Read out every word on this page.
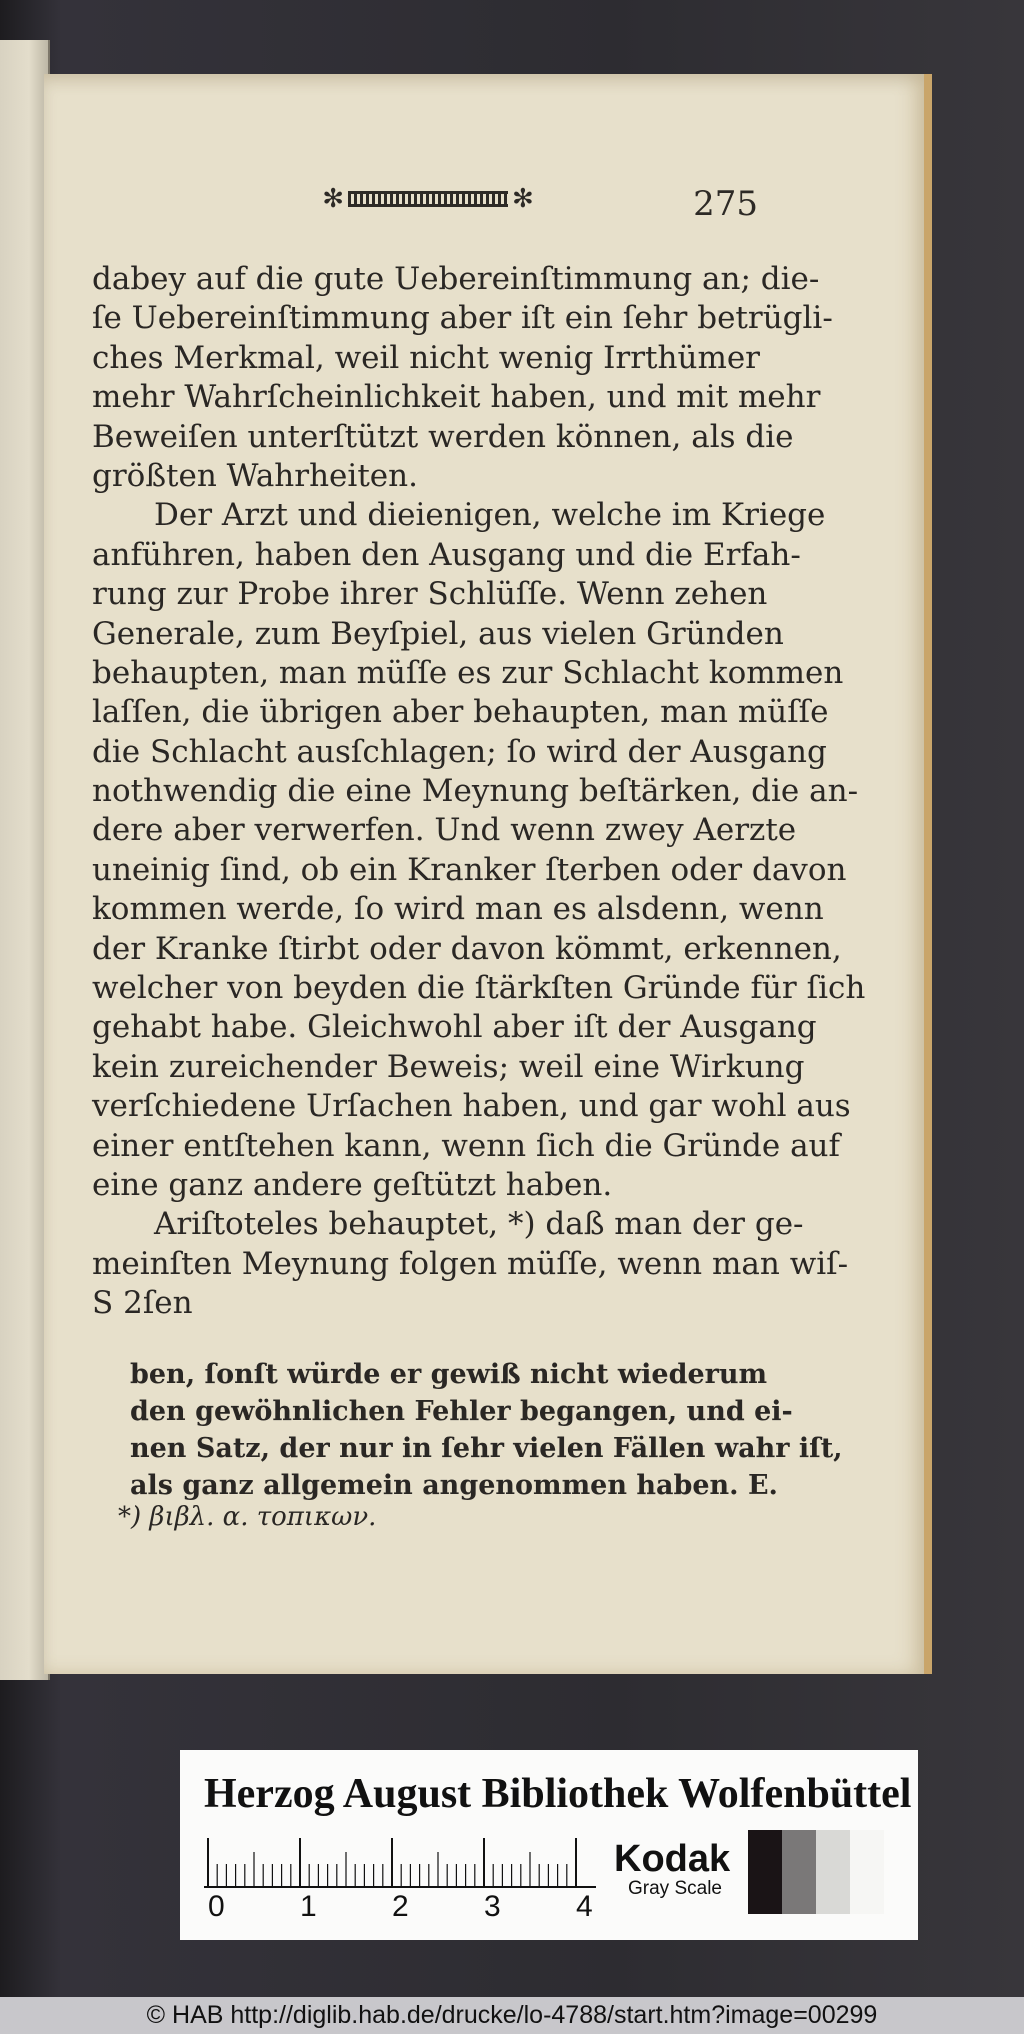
✻	✻	275
dabey auf die gute Uebereinſtimmung an; die-
ſe Uebereinſtimmung aber iſt ein ſehr betrügli-
ches Merkmal, weil nicht wenig Irrthümer
mehr Wahrſcheinlichkeit haben, und mit mehr
Beweiſen unterſtützt werden können, als die
größten Wahrheiten.
  Der Arzt und dieienigen, welche im Kriege
anführen, haben den Ausgang und die Erfah-
rung zur Probe ihrer Schlüſſe. Wenn zehen
Generale, zum Beyſpiel, aus vielen Gründen
behaupten, man müſſe es zur Schlacht kommen
laſſen, die übrigen aber behaupten, man müſſe
die Schlacht ausſchlagen; ſo wird der Ausgang
nothwendig die eine Meynung beſtärken, die an-
dere aber verwerfen. Und wenn zwey Aerzte
uneinig ſind, ob ein Kranker ſterben oder davon
kommen werde, ſo wird man es alsdenn, wenn
der Kranke ſtirbt oder davon kömmt, erkennen,
welcher von beyden die ſtärkſten Gründe für ſich
gehabt habe. Gleichwohl aber iſt der Ausgang
kein zureichender Beweis; weil eine Wirkung
verſchiedene Urſachen haben, und gar wohl aus
einer entſtehen kann, wenn ſich die Gründe auf
eine ganz andere geſtützt haben.
  Ariſtoteles behauptet, *) daß man der ge-
meinſten Meynung folgen müſſe, wenn man wiſ-
S 2ſen
ben, ſonſt würde er gewiß nicht wiederum
den gewöhnlichen Fehler begangen, und ei-
nen Satz, der nur in ſehr vielen Fällen wahr iſt,
als ganz allgemein angenommen haben. E.
*) βιβλ. α. τοπικων.
Herzog August Bibliothek Wolfenbüttel
0	1	2	3	4
Kodak
Gray Scale
© HAB http://diglib.hab.de/drucke/lo-4788/start.htm?image=00299
